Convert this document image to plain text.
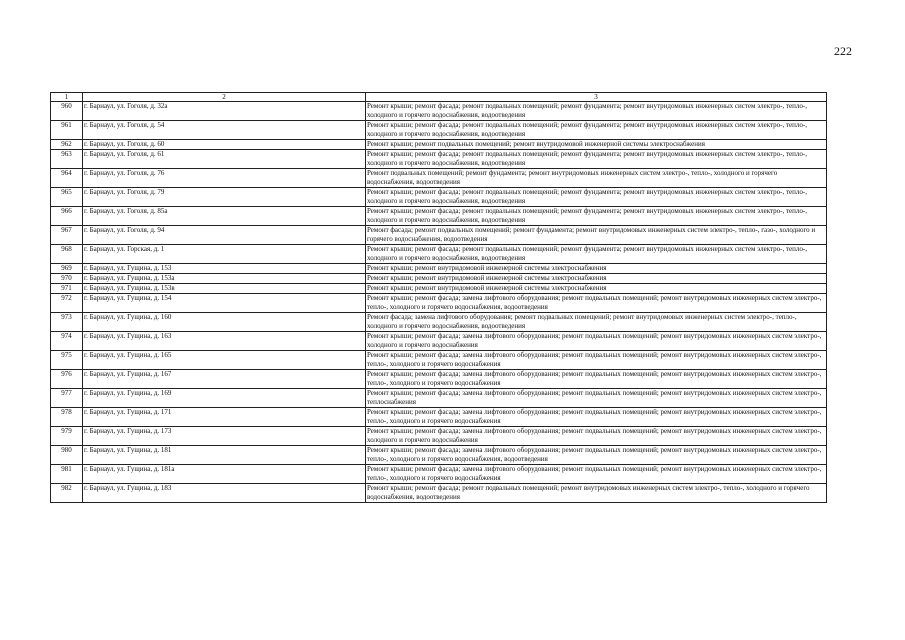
222
1	2	3
960	г. Барнаул, ул. Гоголя, д. 32а	Ремонт крыши; ремонт фасада; ремонт подвальных помещений; ремонт фундамента; ремонт внутридомовых инженерных систем электро-, тепло-, холодного и горячего водоснабжения, водоотведения
961	г. Барнаул, ул. Гоголя, д. 54	Ремонт крыши; ремонт фасада; ремонт подвальных помещений; ремонт фундамента; ремонт внутридомовых инженерных систем электро-, тепло-, холодного и горячего водоснабжения, водоотведения
962	г. Барнаул, ул. Гоголя, д. 60	Ремонт крыши; ремонт подвальных помещений; ремонт внутридомовой инженерной системы электроснабжения
963	г. Барнаул, ул. Гоголя, д. 61	Ремонт крыши; ремонт фасада; ремонт подвальных помещений; ремонт фундамента; ремонт внутридомовых инженерных систем электро-, тепло-, холодного и горячего водоснабжения, водоотведения
964	г. Барнаул, ул. Гоголя, д. 76	Ремонт подвальных помещений; ремонт фундамента; ремонт внутридомовых инженерных систем электро-, тепло-, холодного и горячего водоснабжения, водоотведения
965	г. Барнаул, ул. Гоголя, д. 79	Ремонт крыши; ремонт фасада; ремонт подвальных помещений; ремонт фундамента; ремонт внутридомовых инженерных систем электро-, тепло-, холодного и горячего водоснабжения, водоотведения
966	г. Барнаул, ул. Гоголя, д. 85а	Ремонт крыши; ремонт фасада; ремонт подвальных помещений; ремонт фундамента; ремонт внутридомовых инженерных систем электро-, тепло-, холодного и горячего водоснабжения, водоотведения
967	г. Барнаул, ул. Гоголя, д. 94	Ремонт фасада; ремонт подвальных помещений; ремонт фундамента; ремонт внутридомовых инженерных систем электро-, тепло-, газо-, холодного и горячего водоснабжения, водоотведения
968	г. Барнаул, ул. Горская, д. 1	Ремонт крыши; ремонт фасада; ремонт подвальных помещений; ремонт фундамента; ремонт внутридомовых инженерных систем электро-, тепло-, холодного и горячего водоснабжения, водоотведения
969	г. Барнаул, ул. Гущина, д. 153	Ремонт крыши; ремонт внутридомовой инженерной системы электроснабжения
970	г. Барнаул, ул. Гущина, д. 153а	Ремонт крыши; ремонт внутридомовой инженерной системы электроснабжения
971	г. Барнаул, ул. Гущина, д. 153в	Ремонт крыши; ремонт внутридомовой инженерной системы электроснабжения
972	г. Барнаул, ул. Гущина, д. 154	Ремонт крыши; ремонт фасада; замена лифтового оборудования; ремонт подвальных помещений; ремонт внутридомовых инженерных систем электро-, тепло-, холодного и горячего водоснабжения, водоотведения
973	г. Барнаул, ул. Гущина, д. 160	Ремонт фасада; замена лифтового оборудования; ремонт подвальных помещений; ремонт внутридомовых инженерных систем электро-, тепло-, холодного и горячего водоснабжения, водоотведения
974	г. Барнаул, ул. Гущина, д. 163	Ремонт крыши; ремонт фасада; замена лифтового оборудования; ремонт подвальных помещений; ремонт внутридомовых инженерных систем электро-, холодного и горячего водоснабжения
975	г. Барнаул, ул. Гущина, д. 165	Ремонт крыши; ремонт фасада; замена лифтового оборудования; ремонт подвальных помещений; ремонт внутридомовых инженерных систем электро-, тепло-, холодного и горячего водоснабжения
976	г. Барнаул, ул. Гущина, д. 167	Ремонт крыши; ремонт фасада; замена лифтового оборудования; ремонт подвальных помещений; ремонт внутридомовых инженерных систем электро-, тепло-, холодного и горячего водоснабжения
977	г. Барнаул, ул. Гущина, д. 169	Ремонт крыши; ремонт фасада; замена лифтового оборудования; ремонт подвальных помещений; ремонт внутридомовых инженерных систем электро-, теплоснабжения
978	г. Барнаул, ул. Гущина, д. 171	Ремонт крыши; ремонт фасада; замена лифтового оборудования; ремонт подвальных помещений; ремонт внутридомовых инженерных систем электро-, тепло-, холодного и горячего водоснабжения
979	г. Барнаул, ул. Гущина, д. 173	Ремонт крыши; ремонт фасада; замена лифтового оборудования; ремонт подвальных помещений; ремонт внутридомовых инженерных систем электро-, холодного и горячего водоснабжения
980	г. Барнаул, ул. Гущина, д. 181	Ремонт крыши; ремонт фасада; замена лифтового оборудования; ремонт подвальных помещений; ремонт внутридомовых инженерных систем электро-, тепло-, холодного и горячего водоснабжения, водоотведения
981	г. Барнаул, ул. Гущина, д. 181а	Ремонт крыши; ремонт фасада; замена лифтового оборудования; ремонт подвальных помещений; ремонт внутридомовых инженерных систем электро-, тепло-, холодного и горячего водоснабжения
982	г. Барнаул, ул. Гущина, д. 183	Ремонт крыши; ремонт фасада; ремонт подвальных помещений; ремонт внутридомовых инженерных систем электро-, тепло-, холодного и горячего водоснабжения, водоотведения
